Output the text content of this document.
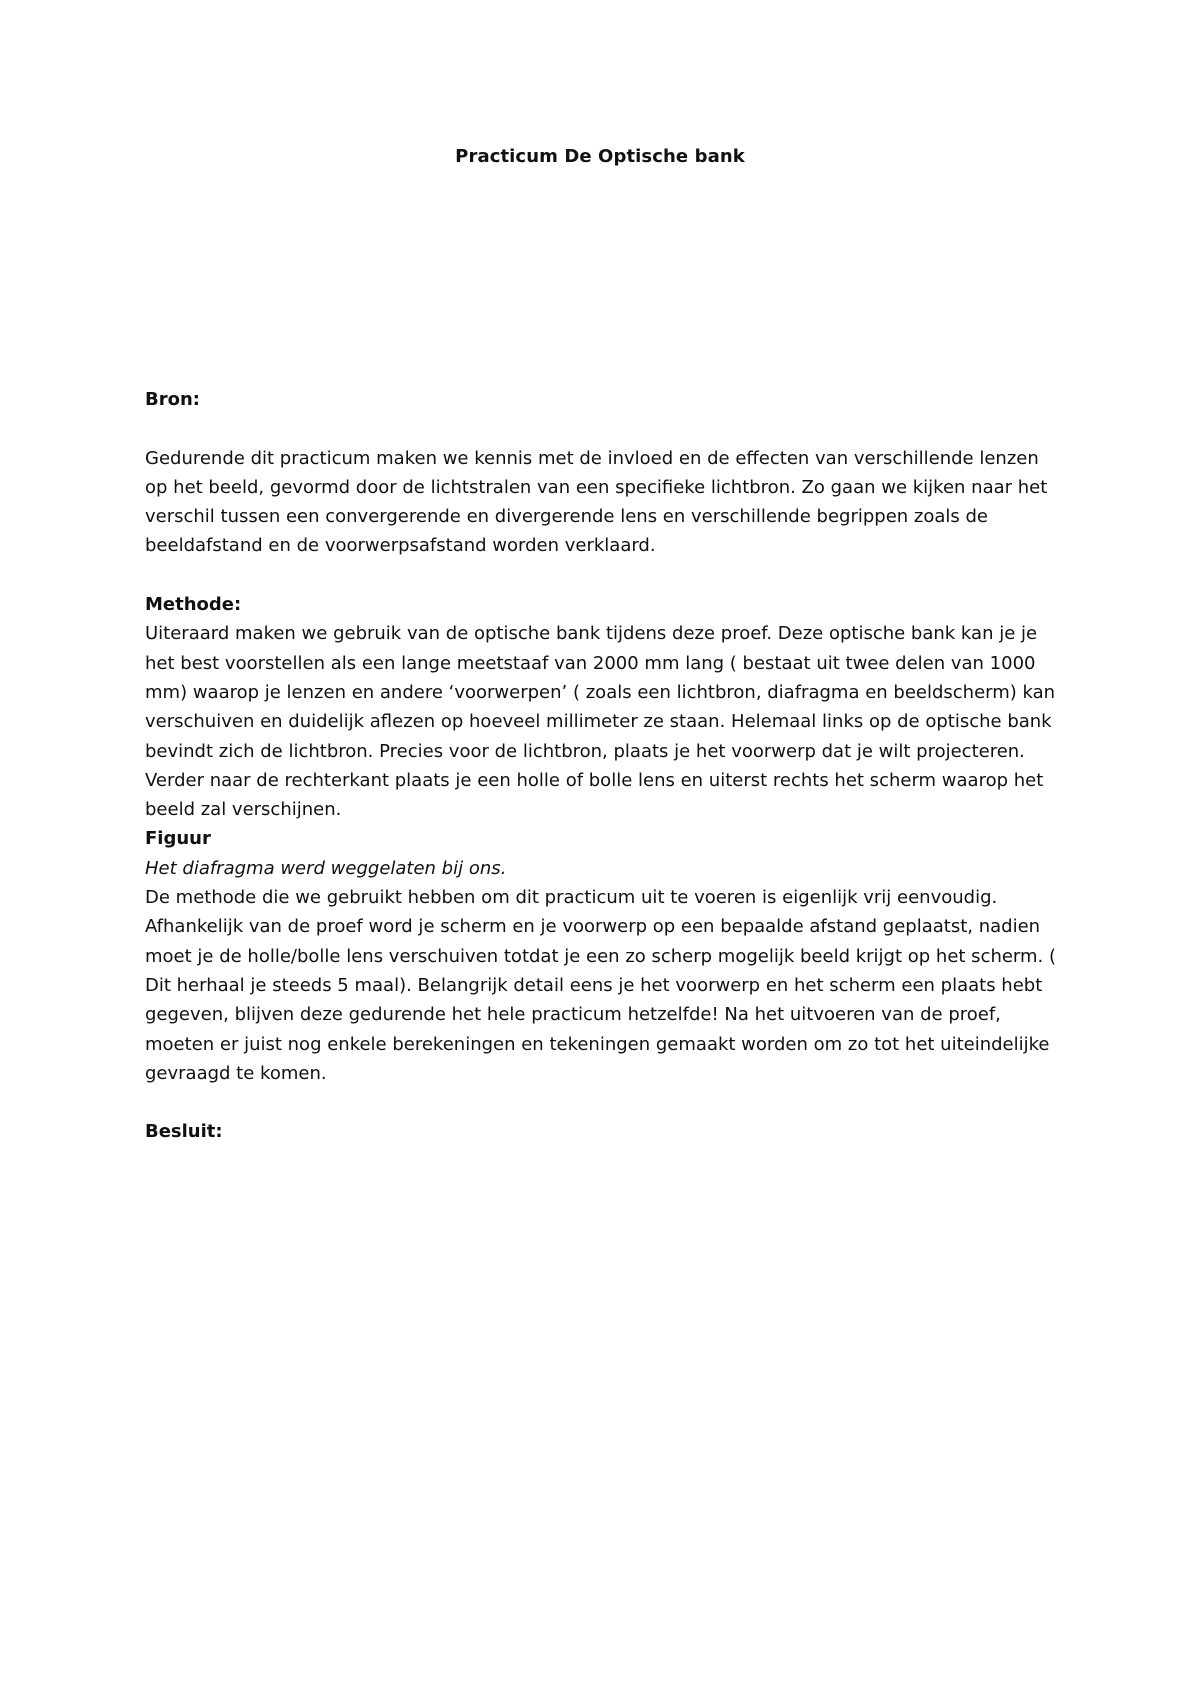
Practicum De Optische bank

Bron:

Gedurende dit practicum maken we kennis met de invloed en de effecten van verschillende lenzen op het beeld, gevormd door de lichtstralen van een specifieke lichtbron. Zo gaan we kijken naar het verschil tussen een convergerende en divergerende lens en verschillende begrippen zoals de beeldafstand en de voorwerpsafstand worden verklaard.

Methode:

Uiteraard maken we gebruik van de optische bank tijdens deze proef. Deze optische bank kan je je het best voorstellen als een lange meetstaaf van 2000 mm lang ( bestaat uit twee delen van 1000 mm) waarop je lenzen en andere ‘voorwerpen’ ( zoals een lichtbron, diafragma en beeldscherm) kan verschuiven en duidelijk aflezen op hoeveel millimeter ze staan. Helemaal links op de optische bank bevindt zich de lichtbron. Precies voor de lichtbron, plaats je het voorwerp dat je wilt projecteren. Verder naar de rechterkant plaats je een holle of bolle lens en uiterst rechts het scherm waarop het beeld zal verschijnen.

Figuur

Het diafragma werd weggelaten bij ons.

De methode die we gebruikt hebben om dit practicum uit te voeren is eigenlijk vrij eenvoudig. Afhankelijk van de proef word je scherm en je voorwerp op een bepaalde afstand geplaatst, nadien moet je de holle/bolle lens verschuiven totdat je een zo scherp mogelijk beeld krijgt op het scherm. ( Dit herhaal je steeds 5 maal). Belangrijk detail eens je het voorwerp en het scherm een plaats hebt gegeven, blijven deze gedurende het hele practicum hetzelfde! Na het uitvoeren van de proef, moeten er juist nog enkele berekeningen en tekeningen gemaakt worden om zo tot het uiteindelijke gevraagd te komen.

Besluit:
